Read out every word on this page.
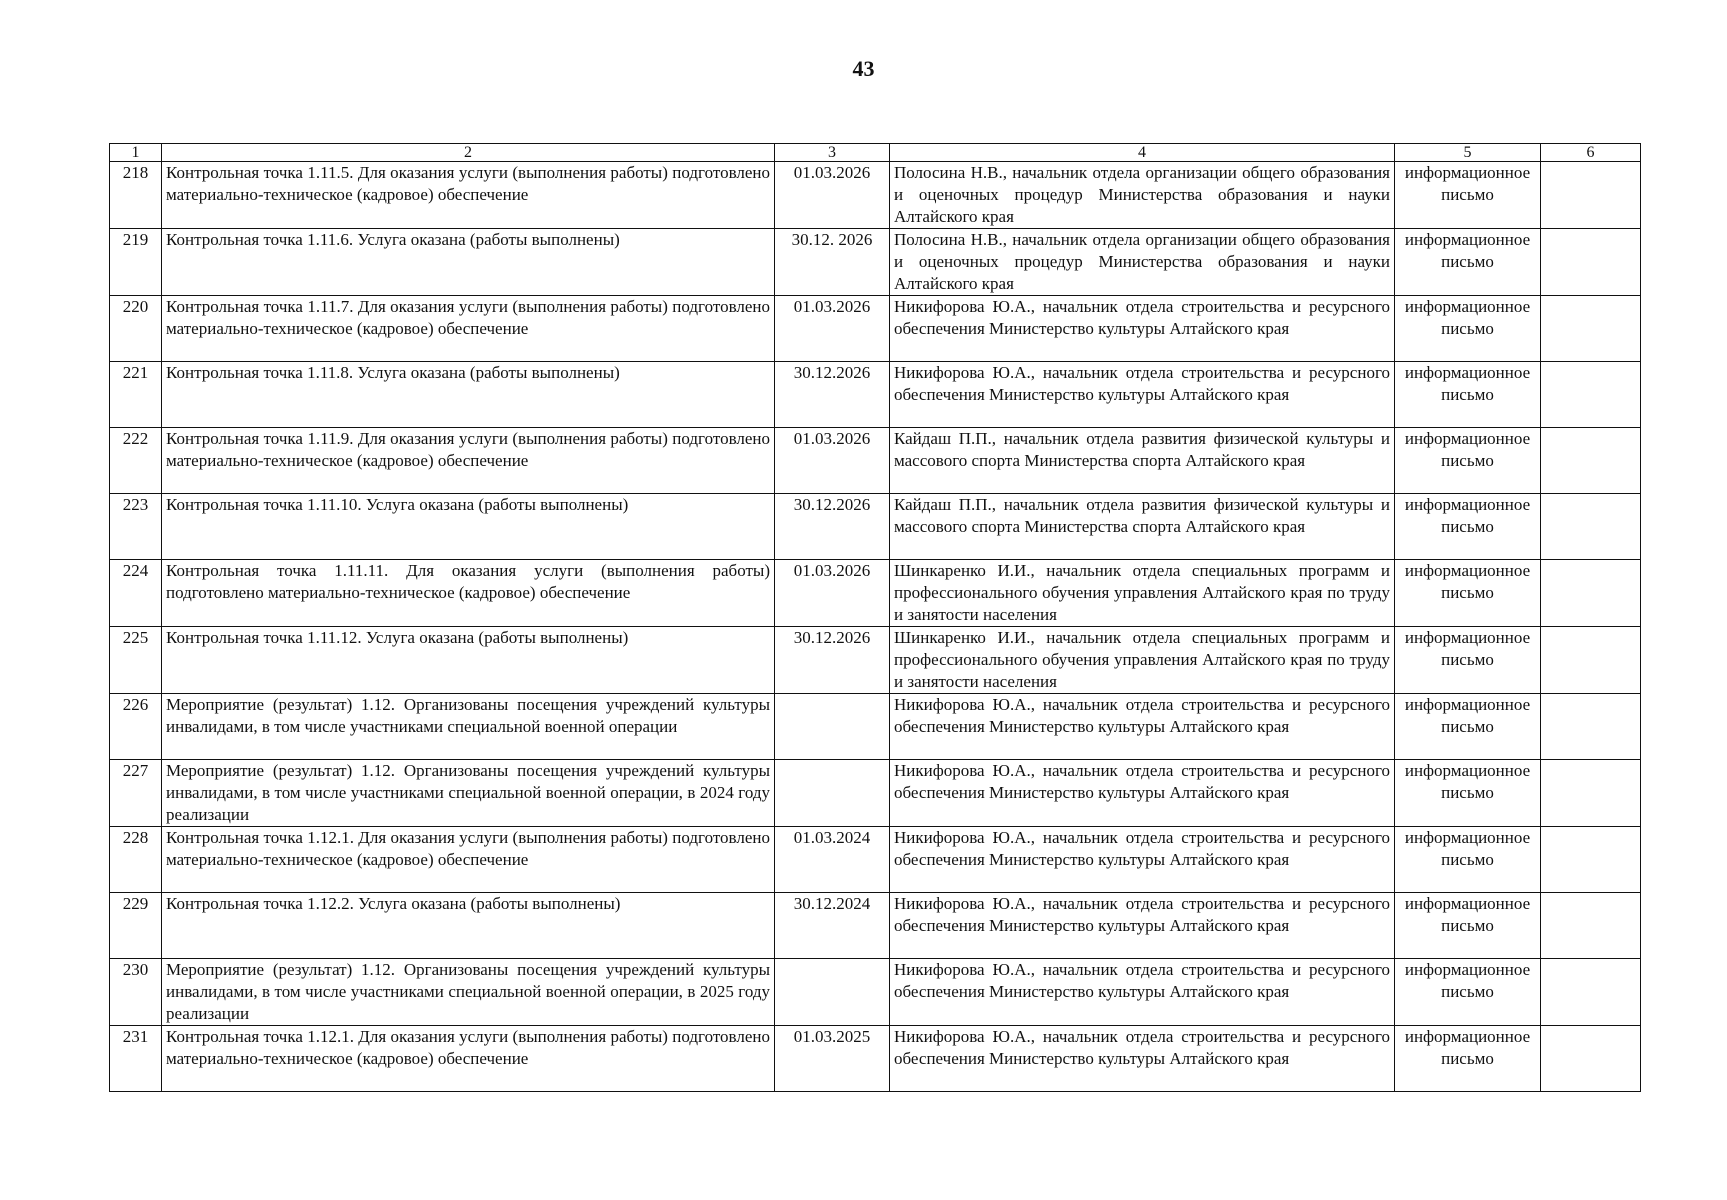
43
1	2	3	4	5	6
218	Контрольная точка 1.11.5. Для оказания услуги (выполнения работы) подготовлено материально-техническое (кадровое) обеспечение	01.03.2026	Полосина Н.В., начальник отдела организации общего образования и оценочных процедур Министерства образования и науки Алтайского края	информационное письмо	
219	Контрольная точка 1.11.6. Услуга оказана (работы выполнены)	30.12. 2026	Полосина Н.В., начальник отдела организации общего образования и оценочных процедур Министерства образования и науки Алтайского края	информационное письмо	
220	Контрольная точка 1.11.7. Для оказания услуги (выполнения работы) подготовлено материально-техническое (кадровое) обеспечение	01.03.2026	Никифорова Ю.А., начальник отдела строительства и ресурсного обеспечения Министерство культуры Алтайского края	информационное письмо	
221	Контрольная точка 1.11.8. Услуга оказана (работы выполнены)	30.12.2026	Никифорова Ю.А., начальник отдела строительства и ресурсного обеспечения Министерство культуры Алтайского края	информационное письмо	
222	Контрольная точка 1.11.9. Для оказания услуги (выполнения работы) подготовлено материально-техническое (кадровое) обеспечение	01.03.2026	Кайдаш П.П., начальник отдела развития физической культуры и массового спорта Министерства спорта Алтайского края	информационное письмо	
223	Контрольная точка 1.11.10. Услуга оказана (работы выполнены)	30.12.2026	Кайдаш П.П., начальник отдела развития физической культуры и массового спорта Министерства спорта Алтайского края	информационное письмо	
224	Контрольная точка 1.11.11. Для оказания услуги (выполнения работы) подготовлено материально-техническое (кадровое) обеспечение	01.03.2026	Шинкаренко И.И., начальник отдела специальных программ и профессионального обучения управления Алтайского края по труду и занятости населения	информационное письмо	
225	Контрольная точка 1.11.12. Услуга оказана (работы выполнены)	30.12.2026	Шинкаренко И.И., начальник отдела специальных программ и профессионального обучения управления Алтайского края по труду и занятости населения	информационное письмо	
226	Мероприятие (результат) 1.12. Организованы посещения учреждений культуры инвалидами, в том числе участниками специальной военной операции		Никифорова Ю.А., начальник отдела строительства и ресурсного обеспечения Министерство культуры Алтайского края	информационное письмо	
227	Мероприятие (результат) 1.12. Организованы посещения учреждений культуры инвалидами, в том числе участниками специальной военной операции, в 2024 году реализации		Никифорова Ю.А., начальник отдела строительства и ресурсного обеспечения Министерство культуры Алтайского края	информационное письмо	
228	Контрольная точка 1.12.1. Для оказания услуги (выполнения работы) подготовлено материально-техническое (кадровое) обеспечение	01.03.2024	Никифорова Ю.А., начальник отдела строительства и ресурсного обеспечения Министерство культуры Алтайского края	информационное письмо	
229	Контрольная точка 1.12.2. Услуга оказана (работы выполнены)	30.12.2024	Никифорова Ю.А., начальник отдела строительства и ресурсного обеспечения Министерство культуры Алтайского края	информационное письмо	
230	Мероприятие (результат) 1.12. Организованы посещения учреждений культуры инвалидами, в том числе участниками специальной военной операции, в 2025 году реализации		Никифорова Ю.А., начальник отдела строительства и ресурсного обеспечения Министерство культуры Алтайского края	информационное письмо	
231	Контрольная точка 1.12.1. Для оказания услуги (выполнения работы) подготовлено материально-техническое (кадровое) обеспечение	01.03.2025	Никифорова Ю.А., начальник отдела строительства и ресурсного обеспечения Министерство культуры Алтайского края	информационное письмо	
